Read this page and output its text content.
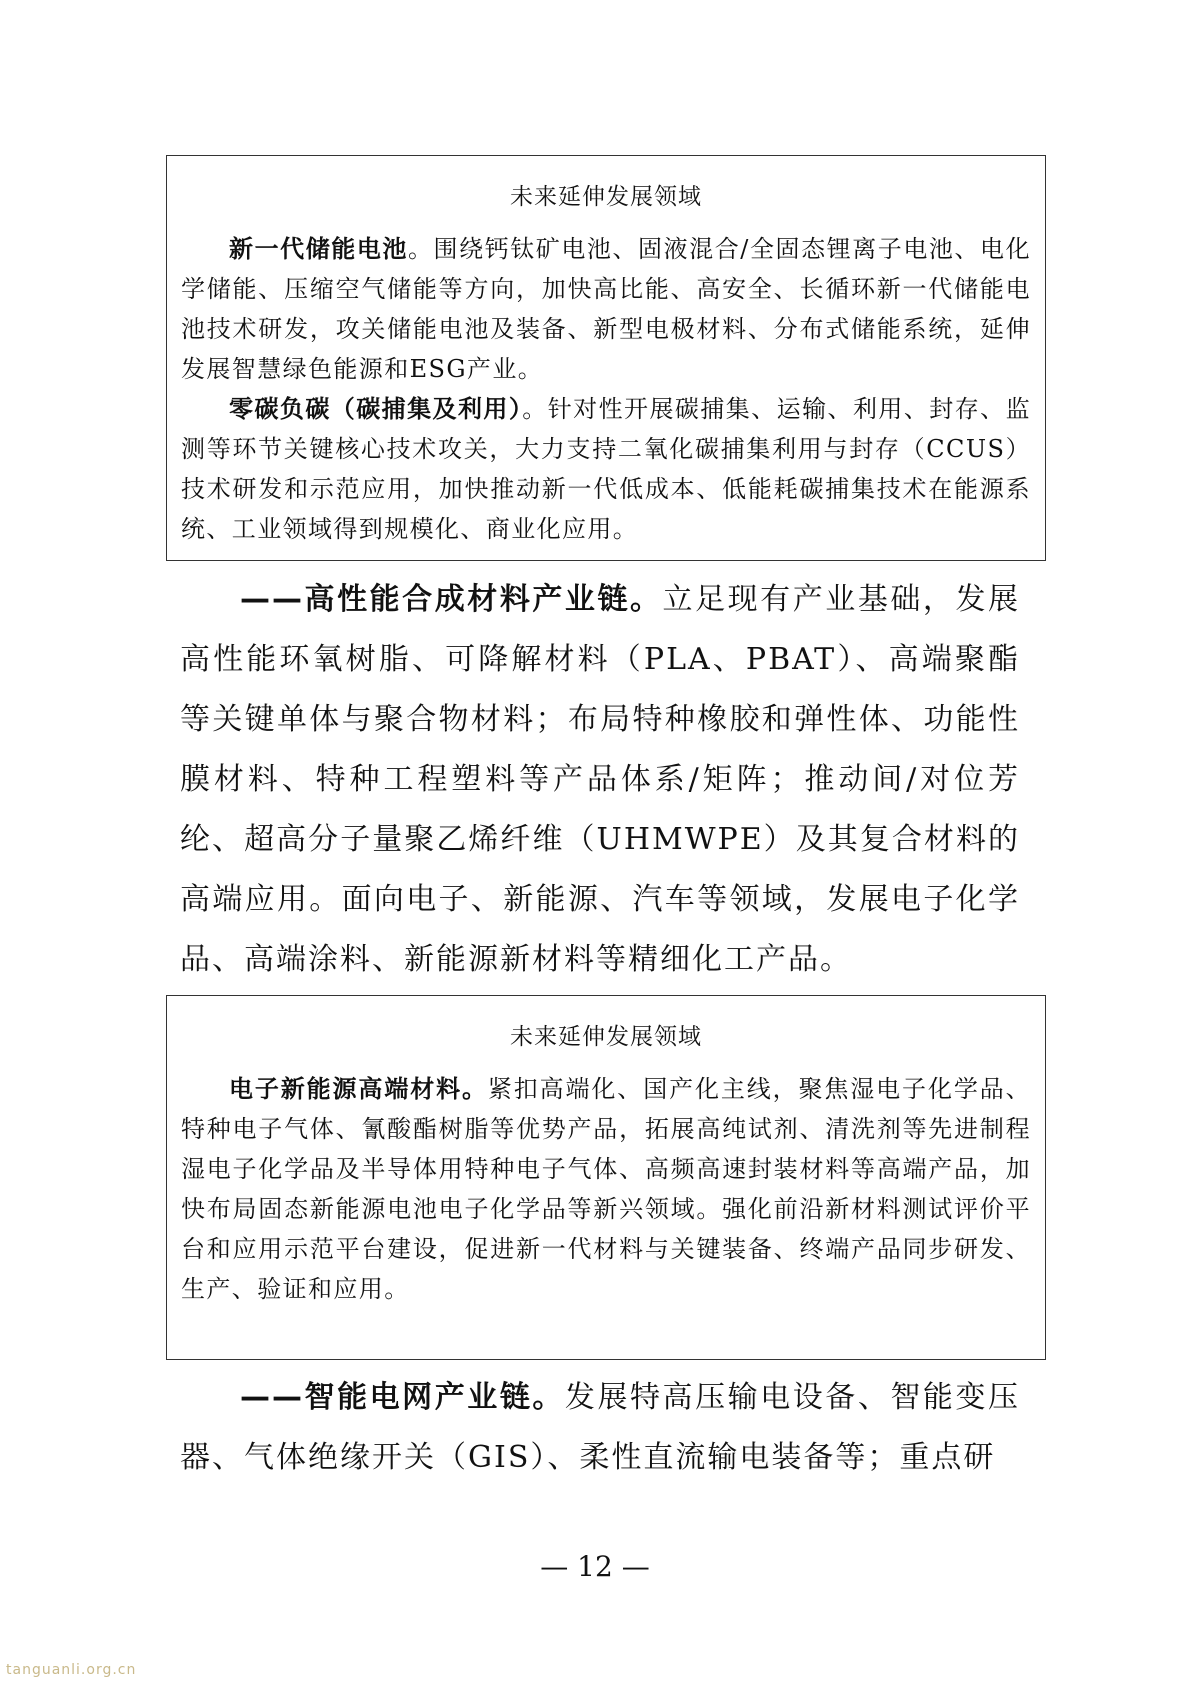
未来延伸发展领域

新一代储能电池。围绕钙钛矿电池、固液混合/全固态锂离子电池、电化学储能、压缩空气储能等方向，加快高比能、高安全、长循环新一代储能电池技术研发，攻关储能电池及装备、新型电极材料、分布式储能系统，延伸发展智慧绿色能源和ESG产业。

零碳负碳（碳捕集及利用）。针对性开展碳捕集、运输、利用、封存、监测等环节关键核心技术攻关，大力支持二氧化碳捕集利用与封存（CCUS）技术研发和示范应用，加快推动新一代低成本、低能耗碳捕集技术在能源系统、工业领域得到规模化、商业化应用。

——高性能合成材料产业链。立足现有产业基础，发展高性能环氧树脂、可降解材料（PLA、PBAT）、高端聚酯等关键单体与聚合物材料；布局特种橡胶和弹性体、功能性膜材料、特种工程塑料等产品体系/矩阵；推动间/对位芳纶、超高分子量聚乙烯纤维（UHMWPE）及其复合材料的高端应用。面向电子、新能源、汽车等领域，发展电子化学品、高端涂料、新能源新材料等精细化工产品。

未来延伸发展领域

电子新能源高端材料。紧扣高端化、国产化主线，聚焦湿电子化学品、特种电子气体、氰酸酯树脂等优势产品，拓展高纯试剂、清洗剂等先进制程湿电子化学品及半导体用特种电子气体、高频高速封装材料等高端产品，加快布局固态新能源电池电子化学品等新兴领域。强化前沿新材料测试评价平台和应用示范平台建设，促进新一代材料与关键装备、终端产品同步研发、生产、验证和应用。

——智能电网产业链。发展特高压输电设备、智能变压器、气体绝缘开关（GIS）、柔性直流输电装备等；重点研

— 12 —
tanguanli.org.cn
